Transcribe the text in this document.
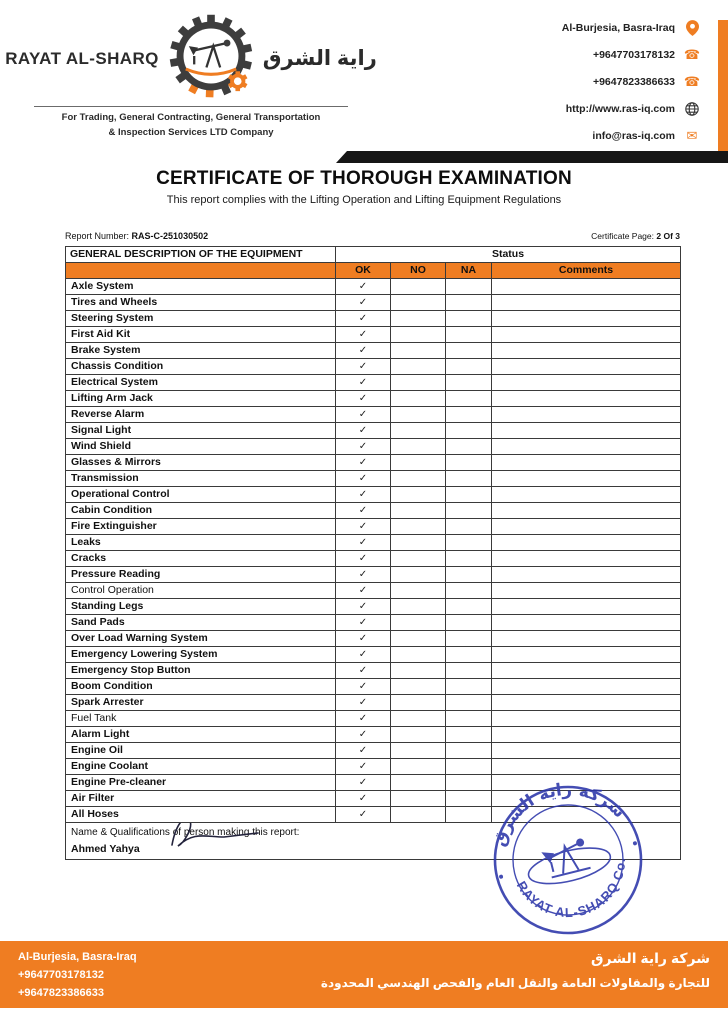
RAYAT AL-SHARQ	راية الشرق
For Trading, General Contracting, General Transportation
& Inspection Services LTD Company
Al-Burjesia, Basra-Iraq
+9647703178132 ☎
+9647823386633 ☎
http://www.ras-iq.com
info@ras-iq.com ✉
CERTIFICATE OF THOROUGH EXAMINATION
This report complies with the Lifting Operation and Lifting Equipment Regulations
Report Number: RAS-C-251030502	Certificate Page: 2 Of 3
GENERAL DESCRIPTION OF THE EQUIPMENT	Status			
	OK	NO	NA	Comments
Axle System	✓			
Tires and Wheels	✓			
Steering System	✓			
First Aid Kit	✓			
Brake System	✓			
Chassis Condition	✓			
Electrical System	✓			
Lifting Arm Jack	✓			
Reverse Alarm	✓			
Signal Light	✓			
Wind Shield	✓			
Glasses & Mirrors	✓			
Transmission	✓			
Operational Control	✓			
Cabin Condition	✓			
Fire Extinguisher	✓			
Leaks	✓			
Cracks	✓			
Pressure Reading	✓			
Control Operation	✓			
Standing Legs	✓			
Sand Pads	✓			
Over Load Warning System	✓			
Emergency Lowering System	✓			
Emergency Stop Button	✓			
Boom Condition	✓			
Spark Arrester	✓			
Fuel Tank	✓			
Alarm Light	✓			
Engine Oil	✓			
Engine Coolant	✓			
Engine Pre-cleaner	✓			
Air Filter	✓			
All Hoses	✓			

Name & Qualifications of person making this report:
Ahmed Yahya				
شركة راية الشرق
RAYAT AL-SHARQ Co.
Al-Burjesia, Basra-Iraq
+9647703178132
+9647823386633
شركة راية الشرق
للتجارة والمقاولات العامة والنقل العام والفحص الهندسي المحدودة
